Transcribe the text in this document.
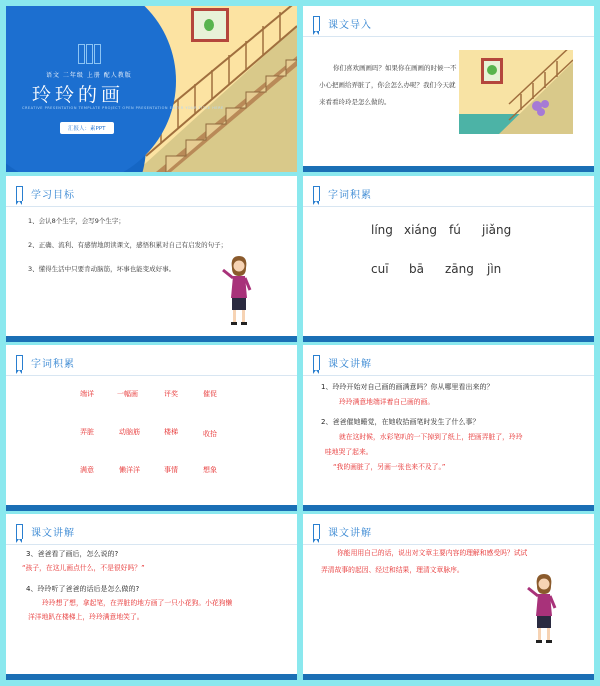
语文 二年级 上册 配人教版
玲玲的画
CREATIVE PRESENTATION TEMPLATE PROJECT OPEN PRESENTATION ENTER YOUR TITLE HERE
汇报人：素PPT
课文导入
你们喜欢画画吗？如果你在画画的时候一不小心把画给弄脏了，你会怎么办呢？我们今天就来看看玲玲是怎么做的。
学习目标
1、会认8个生字，会写9个生字；
2、正确、流利、有感情地朗读课文，感悟积累对自己有启发的句子；
3、懂得生活中只要肯动脑筋，坏事也能变成好事。
字词积累
líng xiáng fú jiǎng
cuī bā zāng jìn
字词积累
端详	一幅画	评奖	催促
弄脏	动脑筋	楼梯	收拾
满意	懒洋洋	事情	想象
课文讲解
1、玲玲开始对自己画的画满意吗？你从哪里看出来的？
玲玲满意地端详着自己画的画。
2、爸爸催她睡觉，在她收拾画笔时发生了什么事？
就在这时候，水彩笔叭的一下掉到了纸上，把画弄脏了，玲玲
哇地哭了起来。
“我的画脏了，另画一张也来不及了。”
课文讲解
3、爸爸看了画后，怎么说的?
“孩子，在这儿画点什么，不是很好吗？”
4、玲玲听了爸爸的话后是怎么做的?
玲玲想了想，拿起笔，在弄脏的地方画了一只小花狗。小花狗懒
洋洋地趴在楼梯上，玲玲满意地笑了。
课文讲解
你能用用自己的话，说出对文章主要内容的理解和感受吗？试试
弄清故事的起因、经过和结果，理清文章脉序。
